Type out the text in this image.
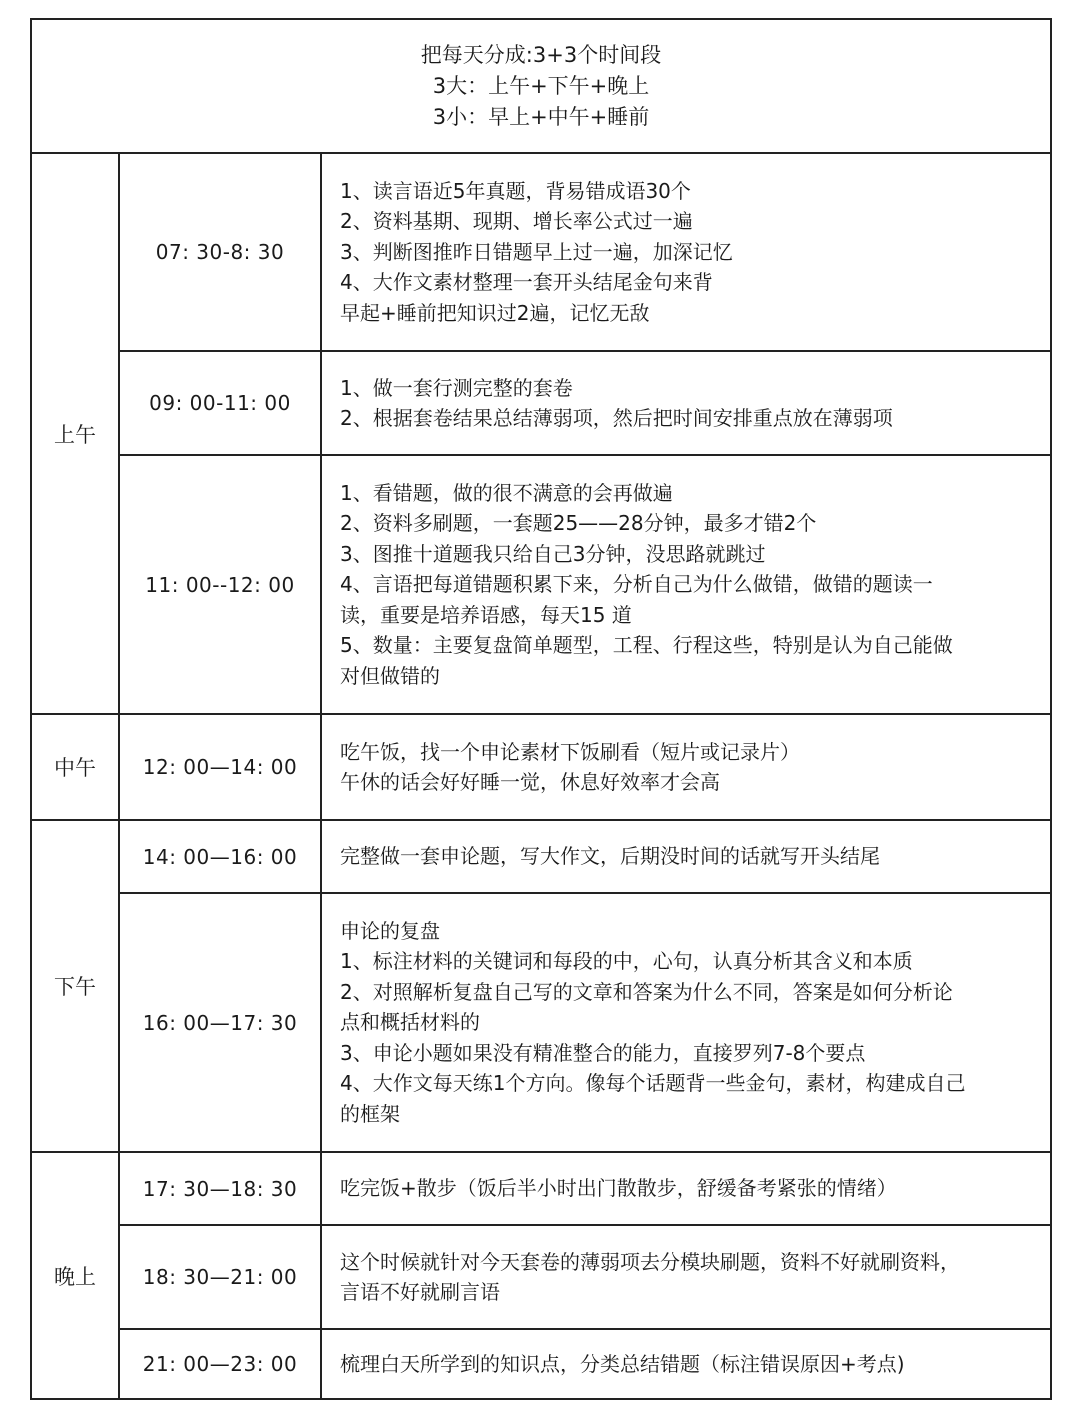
把每天分成:3+3个时间段
3大：上午+下午+晚上
3小：早上+中午+睡前
上午
中午
下午
晚上
07: 30-8: 30
1、读言语近5年真题，背易错成语30个
2、资料基期、现期、增长率公式过一遍
3、判断图推昨日错题早上过一遍，加深记忆
4、大作文素材整理一套开头结尾金句来背
早起+睡前把知识过2遍，记忆无敌
09: 00-11: 00
1、做一套行测完整的套卷
2、根据套卷结果总结薄弱项，然后把时间安排重点放在薄弱项
11: 00--12: 00
1、看错题，做的很不满意的会再做遍
2、资料多刷题，一套题25——28分钟，最多才错2个
3、图推十道题我只给自己3分钟，没思路就跳过
4、言语把每道错题积累下来，分析自己为什么做错，做错的题读一
读，重要是培养语感，每天15 道
5、数量：主要复盘简单题型，工程、行程这些，特别是认为自己能做
对但做错的
12: 00—14: 00
吃午饭，找一个申论素材下饭刷看（短片或记录片）
午休的话会好好睡一觉，休息好效率才会高
14: 00—16: 00 完整做一套申论题，写大作文，后期没时间的话就写开头结尾
16: 00—17: 30
申论的复盘
1、标注材料的关键词和每段的中，心句，认真分析其含义和本质
2、对照解析复盘自己写的文章和答案为什么不同，答案是如何分析论
点和概括材料的
3、申论小题如果没有精准整合的能力，直接罗列7-8个要点
4、大作文每天练1个方向。像每个话题背一些金句，素材，构建成自己
的框架
17: 30—18: 30 吃完饭+散步（饭后半小时出门散散步，舒缓备考紧张的情绪）
18: 30—21: 00
这个时候就针对今天套卷的薄弱项去分模块刷题，资料不好就刷资料，
言语不好就刷言语
21: 00—23: 00 梳理白天所学到的知识点，分类总结错题（标注错误原因+考点)
